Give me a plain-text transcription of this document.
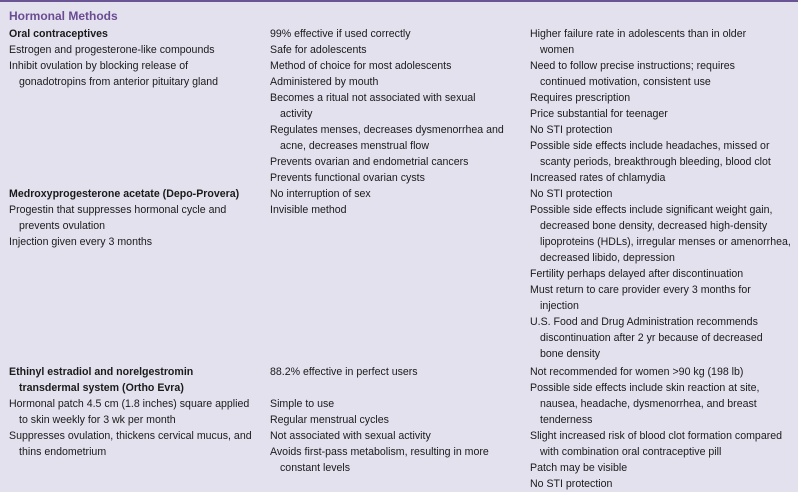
Hormonal Methods
Oral contraceptives
Estrogen and progesterone-like compounds
Inhibit ovulation by blocking release of
gonadotropins from anterior pituitary gland
99% effective if used correctly
Safe for adolescents
Method of choice for most adolescents
Administered by mouth
Becomes a ritual not associated with sexual
activity
Regulates menses, decreases dysmenorrhea and
acne, decreases menstrual flow
Prevents ovarian and endometrial cancers
Prevents functional ovarian cysts
Higher failure rate in adolescents than in older
women
Need to follow precise instructions; requires
continued motivation, consistent use
Requires prescription
Price substantial for teenager
No STI protection
Possible side effects include headaches, missed or
scanty periods, breakthrough bleeding, blood clot
Increased rates of chlamydia
Medroxyprogesterone acetate (Depo-Provera)
Progestin that suppresses hormonal cycle and
prevents ovulation
Injection given every 3 months
No interruption of sex
Invisible method
No STI protection
Possible side effects include significant weight gain,
decreased bone density, decreased high-density
lipoproteins (HDLs), irregular menses or amenorrhea,
decreased libido, depression
Fertility perhaps delayed after discontinuation
Must return to care provider every 3 months for
injection
U.S. Food and Drug Administration recommends
discontinuation after 2 yr because of decreased
bone density
Ethinyl estradiol and norelgestromin
transdermal system (Ortho Evra)
Hormonal patch 4.5 cm (1.8 inches) square applied
to skin weekly for 3 wk per month
Suppresses ovulation, thickens cervical mucus, and
thins endometrium
88.2% effective in perfect users

Simple to use
Regular menstrual cycles
Not associated with sexual activity
Avoids first-pass metabolism, resulting in more
constant levels
Not recommended for women >90 kg (198 lb)
Possible side effects include skin reaction at site,
nausea, headache, dysmenorrhea, and breast
tenderness
Slight increased risk of blood clot formation compared
with combination oral contraceptive pill
Patch may be visible
No STI protection
